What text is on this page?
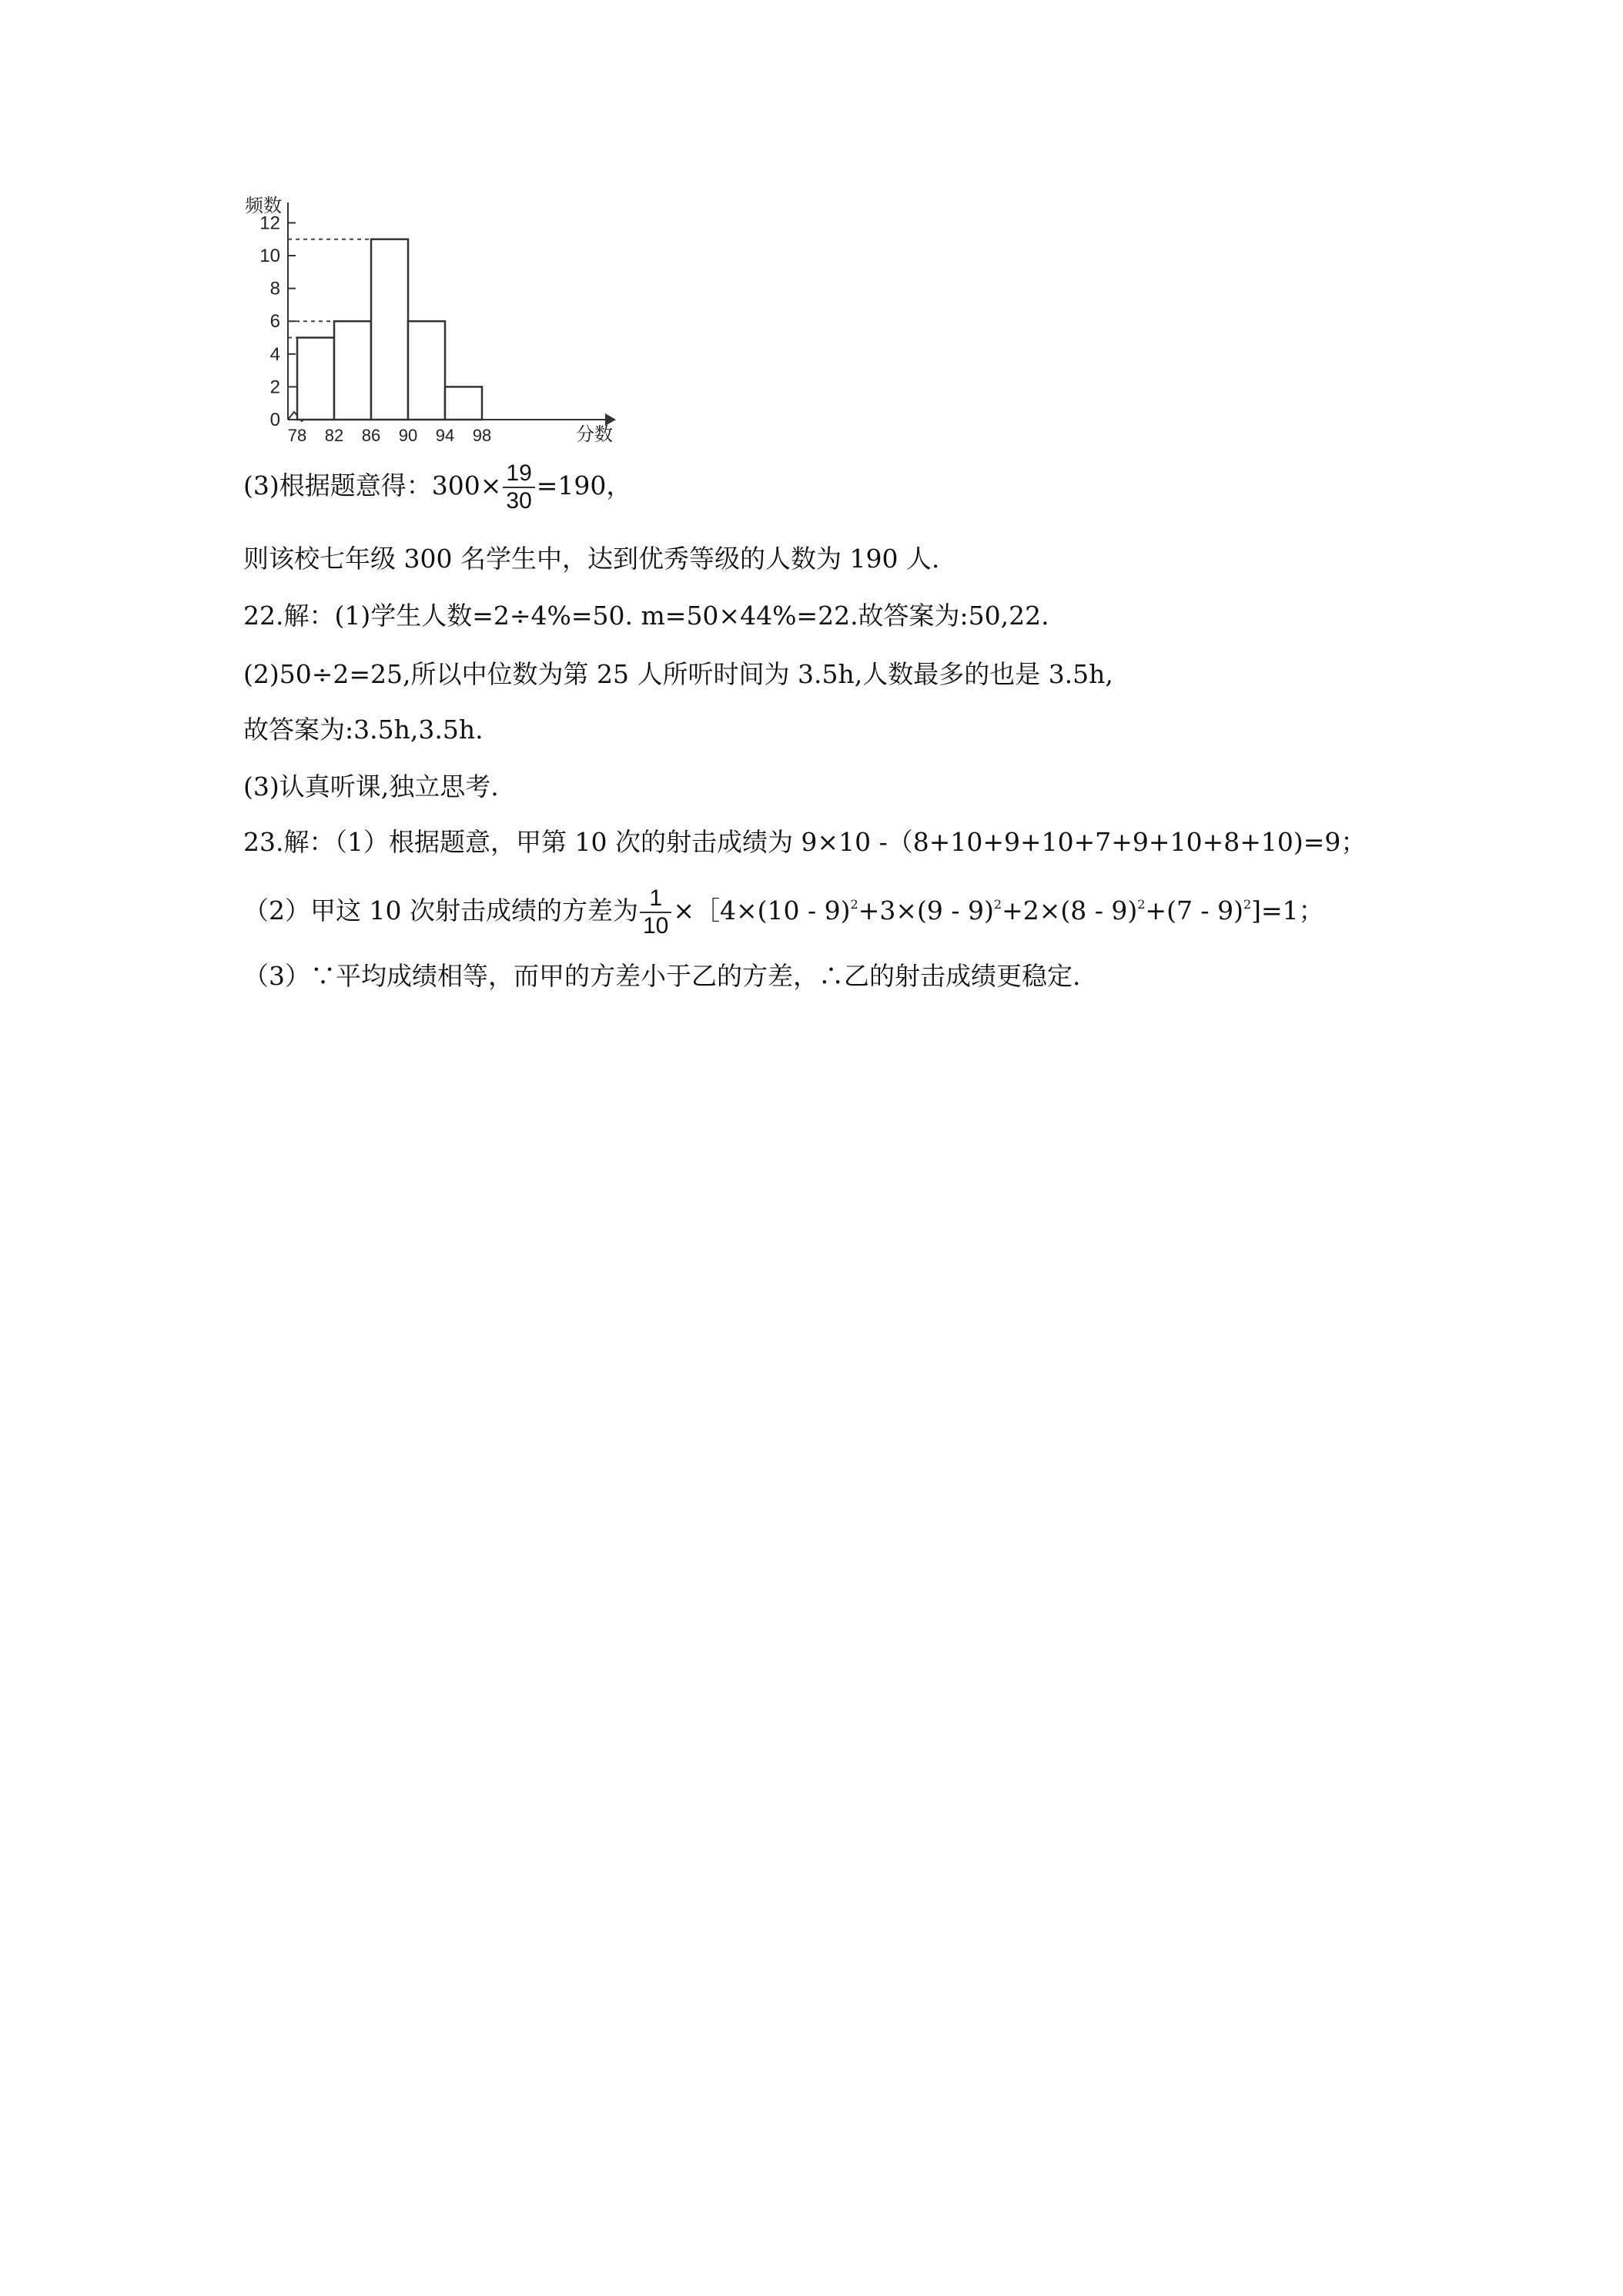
0
2
4
6
8
10
12
78 82 86 90 94 98
频数
分数
(3)根据题意得：$300\times \frac{19}{30} =190$，
则该校七年级 300 名学生中，达到优秀等级的人数为 190 人.
22.解：(1)学生人数=2÷4%=50. m=50×44%=22.故答案为:50,22.
(2)50÷2=25,所以中位数为第 25 人所听时间为 3.5h,人数最多的也是 3.5h,
故答案为:3.5h,3.5h.
(3)认真听课,独立思考.
23.解：（1）根据题意，甲第 10 次的射击成绩为 9×10 -（8+10+9+10+7+9+10+8+10)=9；
（2）甲这 10 次射击成绩的方差为 $\frac{1}{10}$ ×［4×(10 - 9)$^2$+3×(9 - 9)$^2$+2×(8 - 9)$^2$+(7 - 9)$^2$]=1；
（3）∵平均成绩相等，而甲的方差小于乙的方差，∴乙的射击成绩更稳定.
